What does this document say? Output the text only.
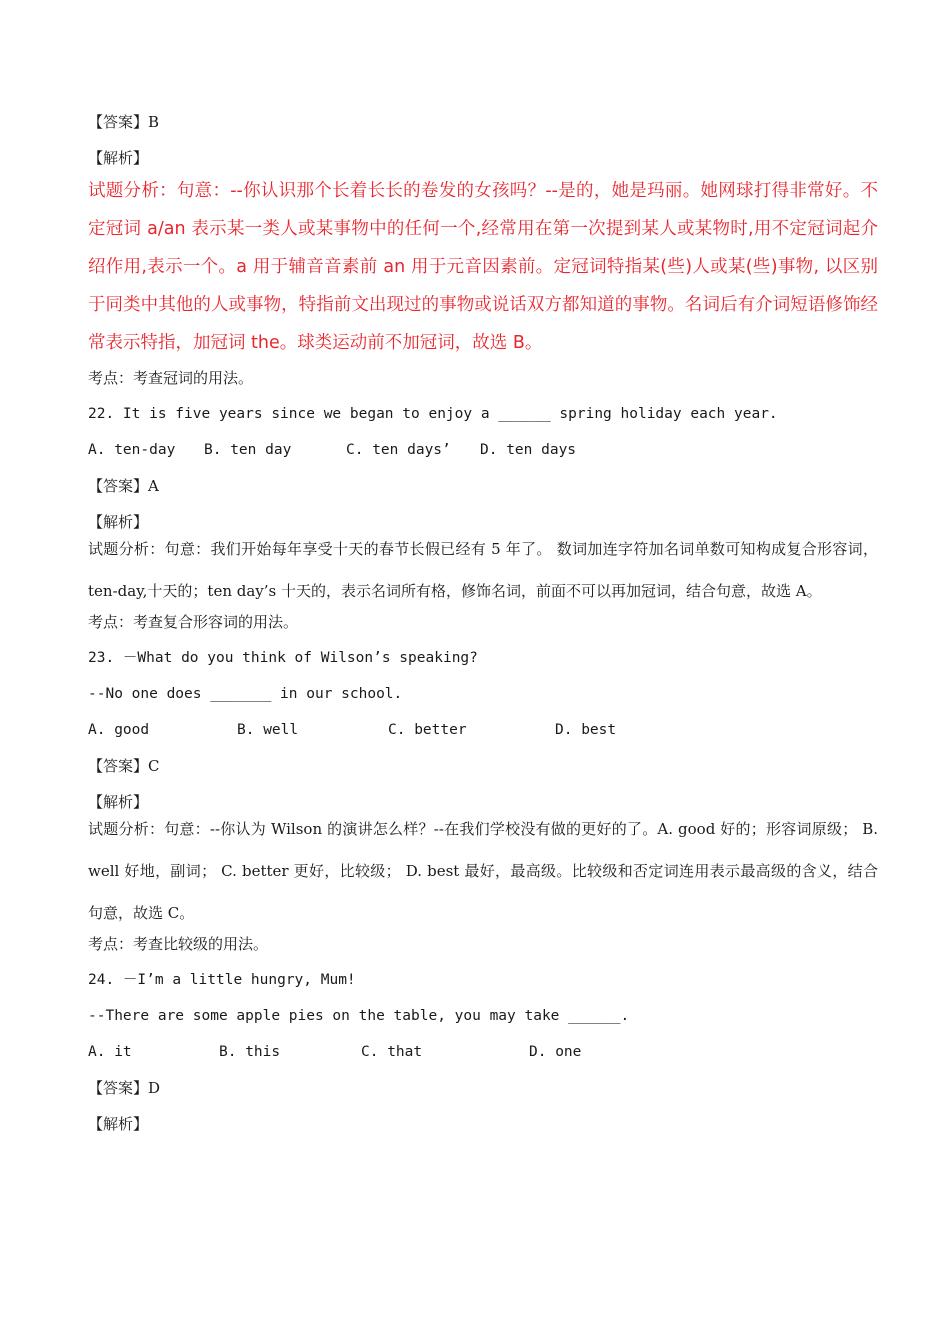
【答案】B

【解析】

试题分析：句意：--你认识那个长着长长的卷发的女孩吗？--是的，她是玛丽。她网球打得非常好。不定冠词 a/an 表示某一类人或某事物中的任何一个,经常用在第一次提到某人或某物时,用不定冠词起介绍作用,表示一个。a 用于辅音音素前 an 用于元音因素前。定冠词特指某(些)人或某(些)事物, 以区别于同类中其他的人或事物，特指前文出现过的事物或说话双方都知道的事物。名词后有介词短语修饰经常表示特指，加冠词 the。球类运动前不加冠词，故选 B。

考点：考查冠词的用法。

22. It is five years since we began to enjoy a ______ spring holiday each year.

A. ten-day	B. ten day	C. ten days’	D. ten days

【答案】A

【解析】

试题分析：句意：我们开始每年享受十天的春节长假已经有 5 年了。 数词加连字符加名词单数可知构成复合形容词，ten-day,十天的；ten day’s 十天的，表示名词所有格，修饰名词，前面不可以再加冠词，结合句意，故选 A。

考点：考查复合形容词的用法。

23. －What do you think of Wilson’s speaking?

--No one does _______ in our school.

A. good	B. well	C. better	D. best

【答案】C

【解析】

试题分析：句意：--你认为 Wilson 的演讲怎么样？--在我们学校没有做的更好的了。A. good 好的；形容词原级； B. well 好地，副词； C. better 更好，比较级； D. best 最好，最高级。比较级和否定词连用表示最高级的含义，结合句意，故选 C。

考点：考查比较级的用法。

24. －I’m a little hungry, Mum!

--There are some apple pies on the table, you may take ______.

A. it	B. this	C. that	D. one

【答案】D

【解析】
